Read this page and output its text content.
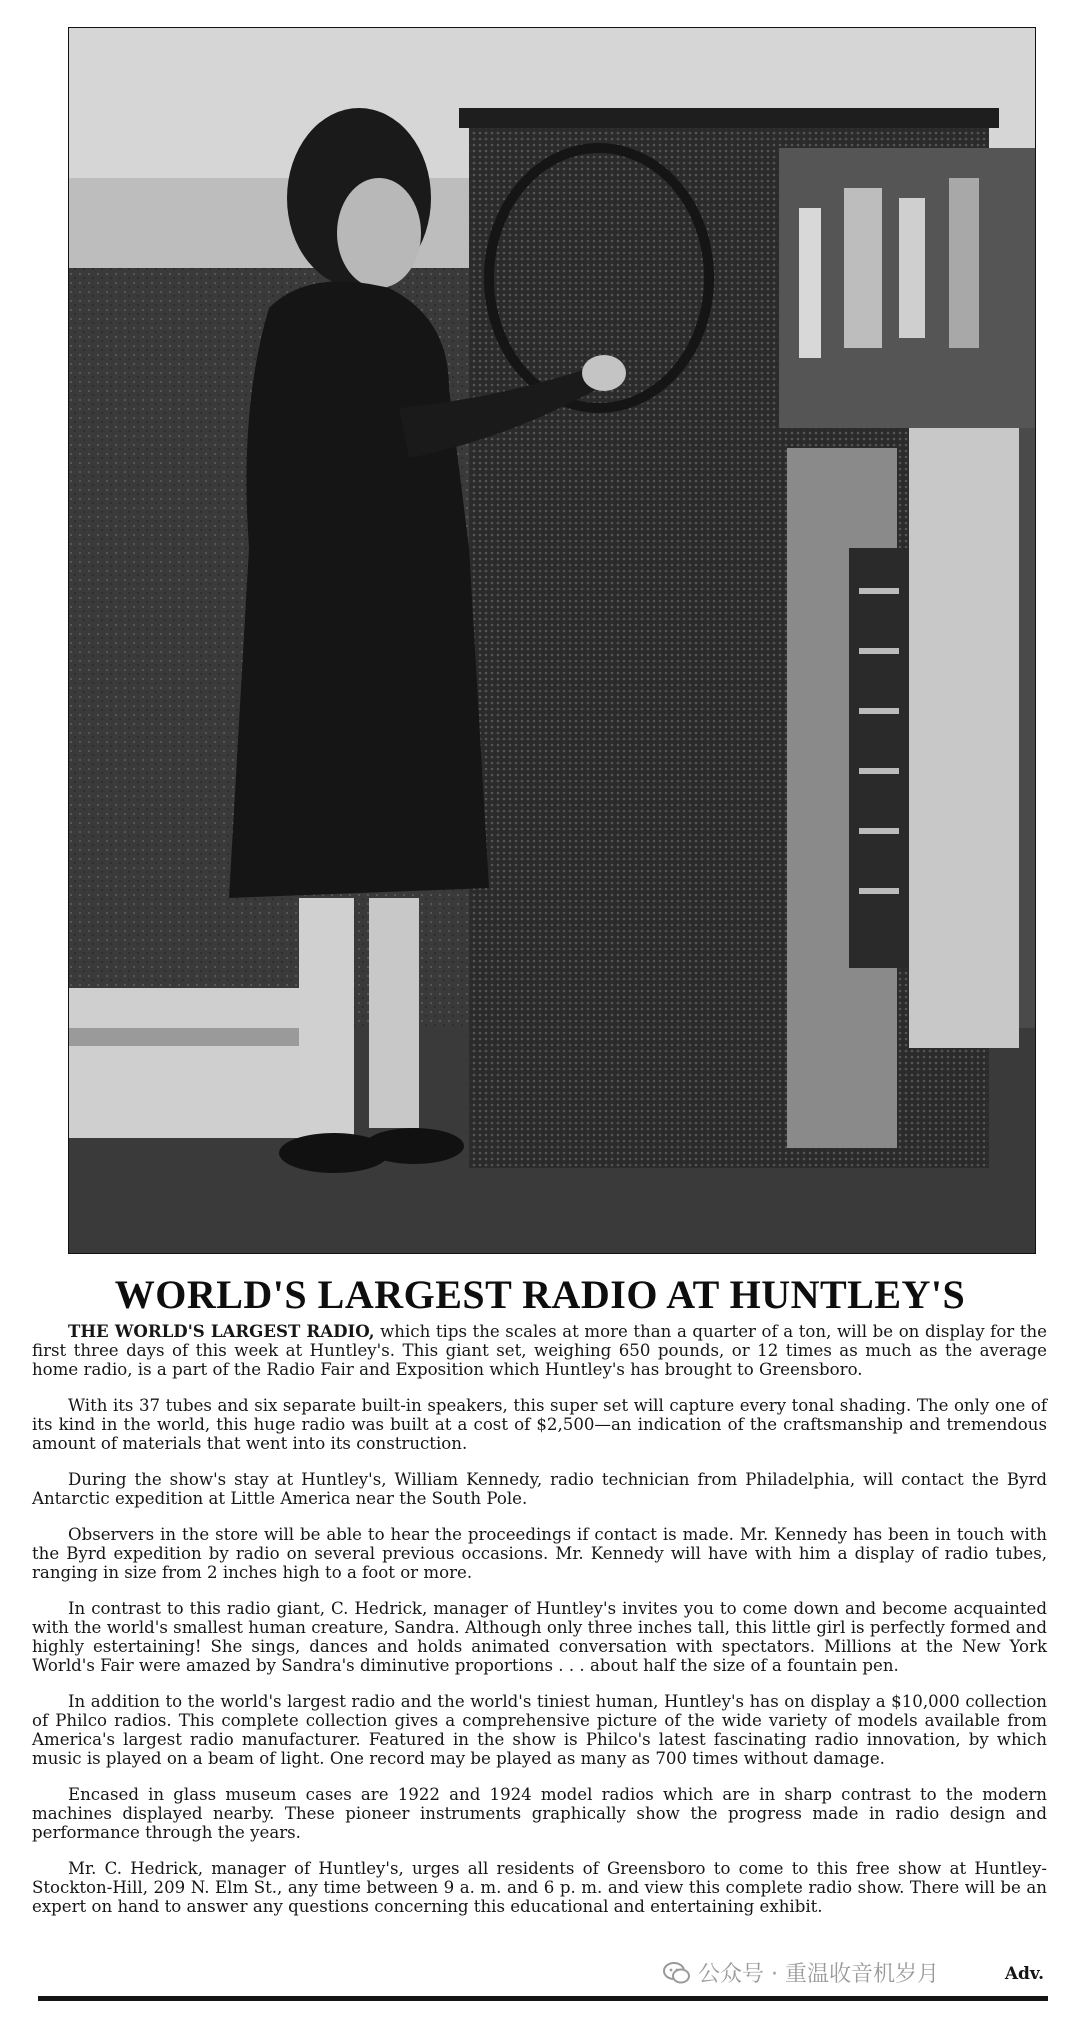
WORLD'S LARGEST RADIO AT HUNTLEY'S

THE WORLD'S LARGEST RADIO, which tips the scales at more than a quarter of a ton, will be on display for the first three days of this week at Huntley's. This giant set, weighing 650 pounds, or 12 times as much as the average home radio, is a part of the Radio Fair and Exposition which Huntley's has brought to Greensboro.

With its 37 tubes and six separate built-in speakers, this super set will capture every tonal shading. The only one of its kind in the world, this huge radio was built at a cost of $2,500—an indication of the craftsmanship and tremendous amount of materials that went into its construction.

During the show's stay at Huntley's, William Kennedy, radio technician from Philadelphia, will contact the Byrd Antarctic expedition at Little America near the South Pole.

Observers in the store will be able to hear the proceedings if contact is made. Mr. Kennedy has been in touch with the Byrd expedition by radio on several previous occasions. Mr. Kennedy will have with him a display of radio tubes, ranging in size from 2 inches high to a foot or more.

In contrast to this radio giant, C. Hedrick, manager of Huntley's invites you to come down and become acquainted with the world's smallest human creature, Sandra. Although only three inches tall, this little girl is perfectly formed and highly estertaining! She sings, dances and holds animated conversation with spectators. Millions at the New York World's Fair were amazed by Sandra's diminutive proportions . . . about half the size of a fountain pen.

In addition to the world's largest radio and the world's tiniest human, Huntley's has on display a $10,000 collection of Philco radios. This complete collection gives a comprehensive picture of the wide variety of models available from America's largest radio manufacturer. Featured in the show is Philco's latest fascinating radio innovation, by which music is played on a beam of light. One record may be played as many as 700 times without damage.

Encased in glass museum cases are 1922 and 1924 model radios which are in sharp contrast to the modern machines displayed nearby. These pioneer instruments graphically show the progress made in radio design and performance through the years.

Mr. C. Hedrick, manager of Huntley's, urges all residents of Greensboro to come to this free show at Huntley-Stockton-Hill, 209 N. Elm St., any time between 9 a. m. and 6 p. m. and view this complete radio show. There will be an expert on hand to answer any questions concerning this educational and entertaining exhibit.

公众号 · 重温收音机岁月	Adv.
